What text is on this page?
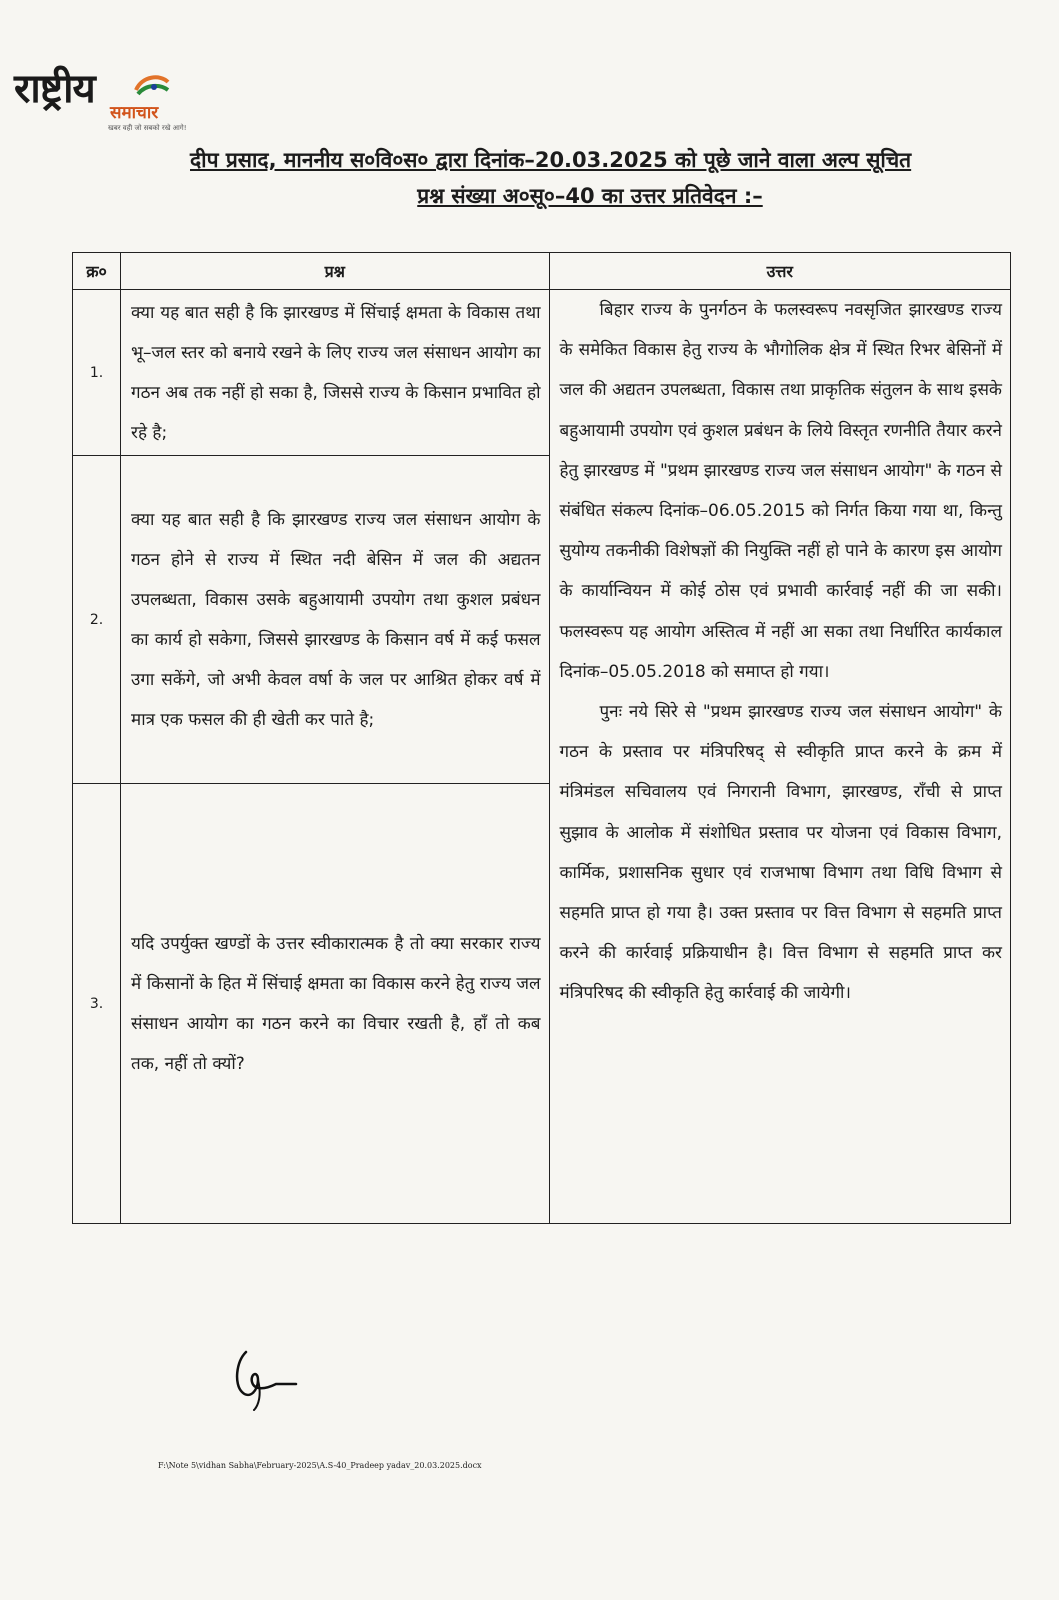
राष्ट्रीय
समाचार
खबर वही जो सबको रखे आगे!
दीप प्रसाद, माननीय स०वि०स० द्वारा दिनांक–20.03.2025 को पूछे जाने वाला अल्प सूचित
प्रश्न संख्या अ०सू०–40 का उत्तर प्रतिवेदन :–
क्र०	प्रश्न	उत्तर
1.	क्या यह बात सही है कि झारखण्ड में सिंचाई क्षमता के विकास तथा भू–जल स्तर को बनाये रखने के लिए राज्य जल संसाधन आयोग का गठन अब तक नहीं हो सका है, जिससे राज्य के किसान प्रभावित हो रहे है;	बिहार राज्य के पुनर्गठन के फलस्वरूप नवसृजित झारखण्ड राज्य के समेकित विकास हेतु राज्य के भौगोलिक क्षेत्र में स्थित रिभर बेसिनों में जल की अद्यतन उपलब्धता, विकास तथा प्राकृतिक संतुलन के साथ इसके बहुआयामी उपयोग एवं कुशल प्रबंधन के लिये विस्तृत रणनीति तैयार करने हेतु झारखण्ड में "प्रथम झारखण्ड राज्य जल संसाधन आयोग" के गठन से संबंधित संकल्प दिनांक–06.05.2015 को निर्गत किया गया था, किन्तु सुयोग्य तकनीकी विशेषज्ञों की नियुक्ति नहीं हो पाने के कारण इस आयोग के कार्यान्वियन में कोई ठोस एवं प्रभावी कार्रवाई नहीं की जा सकी। फलस्वरूप यह आयोग अस्तित्व में नहीं आ सका तथा निर्धारित कार्यकाल दिनांक–05.05.2018 को समाप्त हो गया।

पुनः नये सिरे से "प्रथम झारखण्ड राज्य जल संसाधन आयोग" के गठन के प्रस्ताव पर मंत्रिपरिषद् से स्वीकृति प्राप्त करने के क्रम में मंत्रिमंडल सचिवालय एवं निगरानी विभाग, झारखण्ड, राँची से प्राप्त सुझाव के आलोक में संशोधित प्रस्ताव पर योजना एवं विकास विभाग, कार्मिक, प्रशासनिक सुधार एवं राजभाषा विभाग तथा विधि विभाग से सहमति प्राप्त हो गया है। उक्त प्रस्ताव पर वित्त विभाग से सहमति प्राप्त करने की कार्रवाई प्रक्रियाधीन है। वित्त विभाग से सहमति प्राप्त कर मंत्रिपरिषद की स्वीकृति हेतु कार्रवाई की जायेगी।

2.	क्या यह बात सही है कि झारखण्ड राज्य जल संसाधन आयोग के गठन होने से राज्य में स्थित नदी बेसिन में जल की अद्यतन उपलब्धता, विकास उसके बहुआयामी उपयोग तथा कुशल प्रबंधन का कार्य हो सकेगा, जिससे झारखण्ड के किसान वर्ष में कई फसल उगा सकेंगे, जो अभी केवल वर्षा के जल पर आश्रित होकर वर्ष में मात्र एक फसल की ही खेती कर पाते है;	
3.	यदि उपर्युक्त खण्डों के उत्तर स्वीकारात्मक है तो क्या सरकार राज्य में किसानों के हित में सिंचाई क्षमता का विकास करने हेतु राज्य जल संसाधन आयोग का गठन करने का विचार रखती है, हाँ तो कब तक, नहीं तो क्यों?	
F:\Note 5\vidhan Sabha\February-2025\A.S-40_Pradeep yadav_20.03.2025.docx
